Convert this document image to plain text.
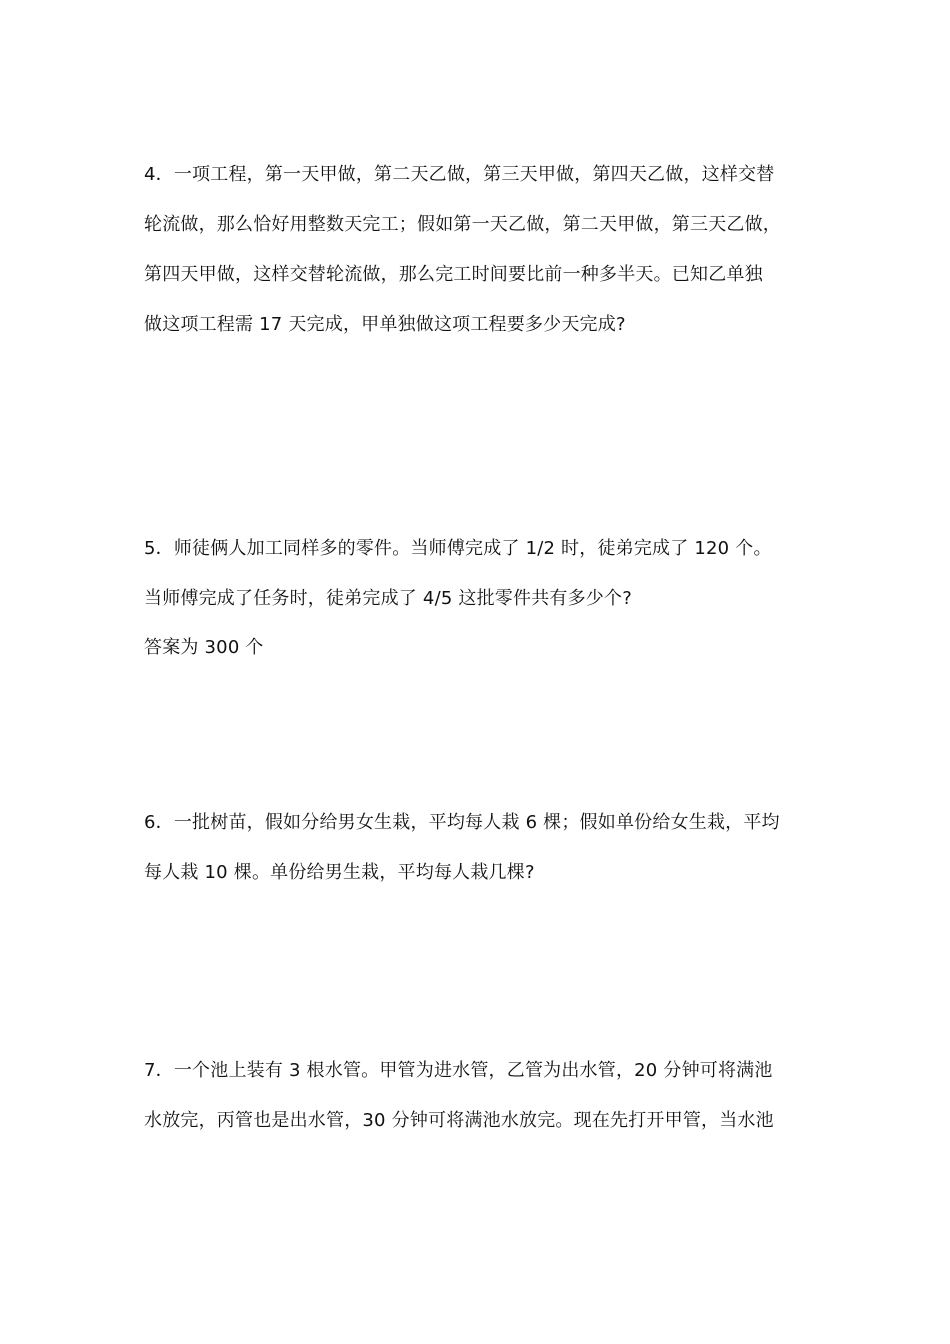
4．一项工程，第一天甲做，第二天乙做，第三天甲做，第四天乙做，这样交替
轮流做，那么恰好用整数天完工；假如第一天乙做，第二天甲做，第三天乙做，
第四天甲做，这样交替轮流做，那么完工时间要比前一种多半天。已知乙单独
做这项工程需 17 天完成，甲单独做这项工程要多少天完成?
5．师徒俩人加工同样多的零件。当师傅完成了 1/2 时，徒弟完成了 120 个。
当师傅完成了任务时，徒弟完成了 4/5 这批零件共有多少个?
答案为 300 个
6．一批树苗，假如分给男女生栽，平均每人栽 6 棵；假如单份给女生栽，平均
每人栽 10 棵。单份给男生栽，平均每人栽几棵?
7．一个池上装有 3 根水管。甲管为进水管，乙管为出水管，20 分钟可将满池
水放完，丙管也是出水管，30 分钟可将满池水放完。现在先打开甲管，当水池
